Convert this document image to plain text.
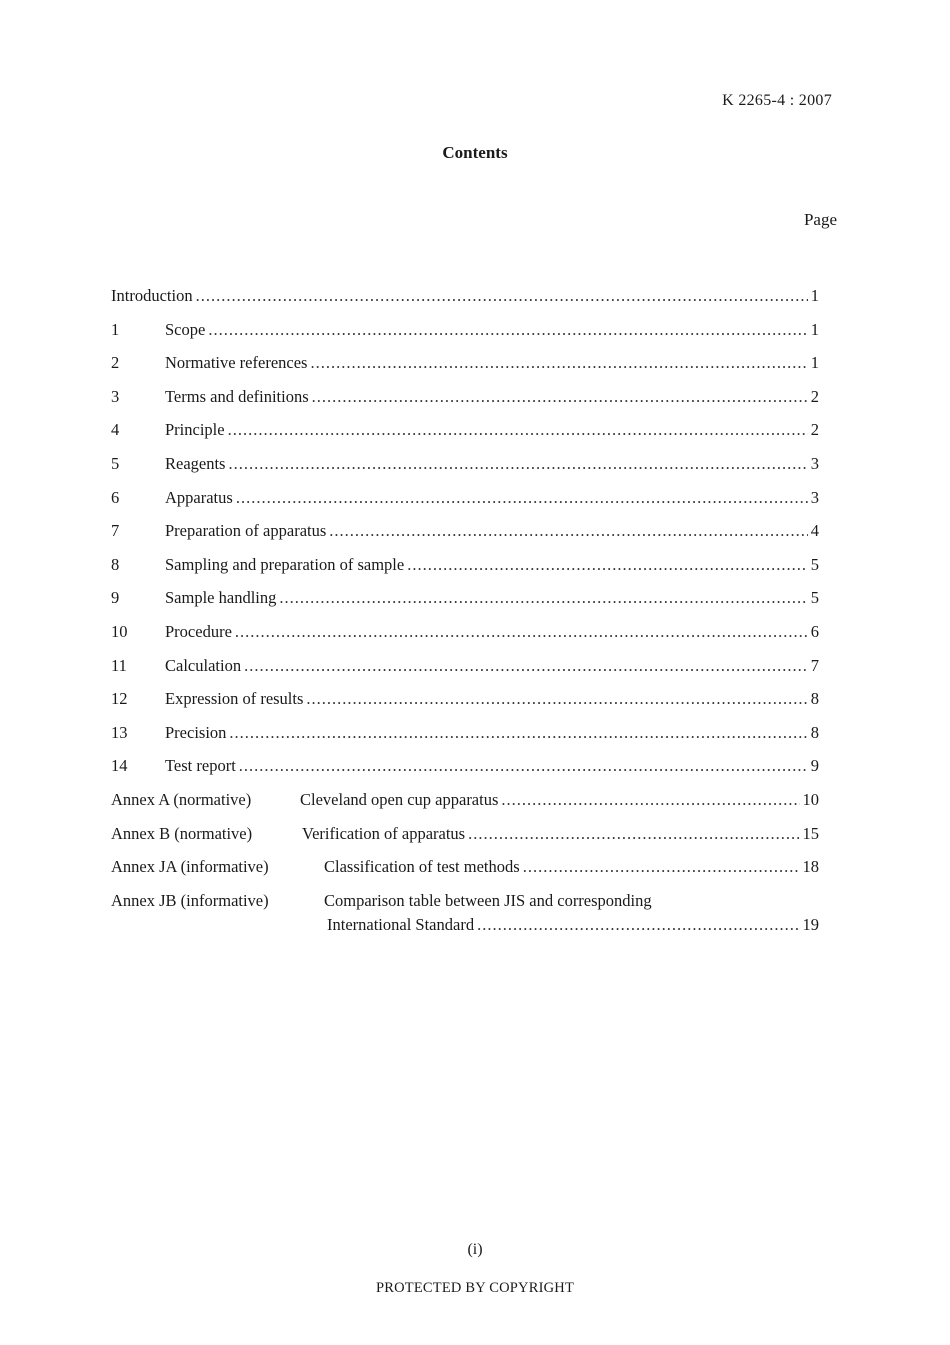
K 2265-4 : 2007
Contents
Page
Introduction .....	1
1	Scope .....	1
2	Normative references .....	1
3	Terms and definitions .....	2
4	Principle .....	2
5	Reagents .....	3
6	Apparatus .....	3
7	Preparation of apparatus .....	4
8	Sampling and preparation of sample .....	5
9	Sample handling .....	5
10 Procedure .....	6
11 Calculation .....	7
12 Expression of results .....	8
13 Precision .....	8
14 Test report .....	9
Annex A (normative)	Cleveland open cup apparatus .....	10
Annex B (normative)	Verification of apparatus .....	15
Annex JA (informative)	Classification of test methods .....	18
Annex JB (informative)	Comparison table between JIS and corresponding
International Standard .....	19
(i)
PROTECTED BY COPYRIGHT
